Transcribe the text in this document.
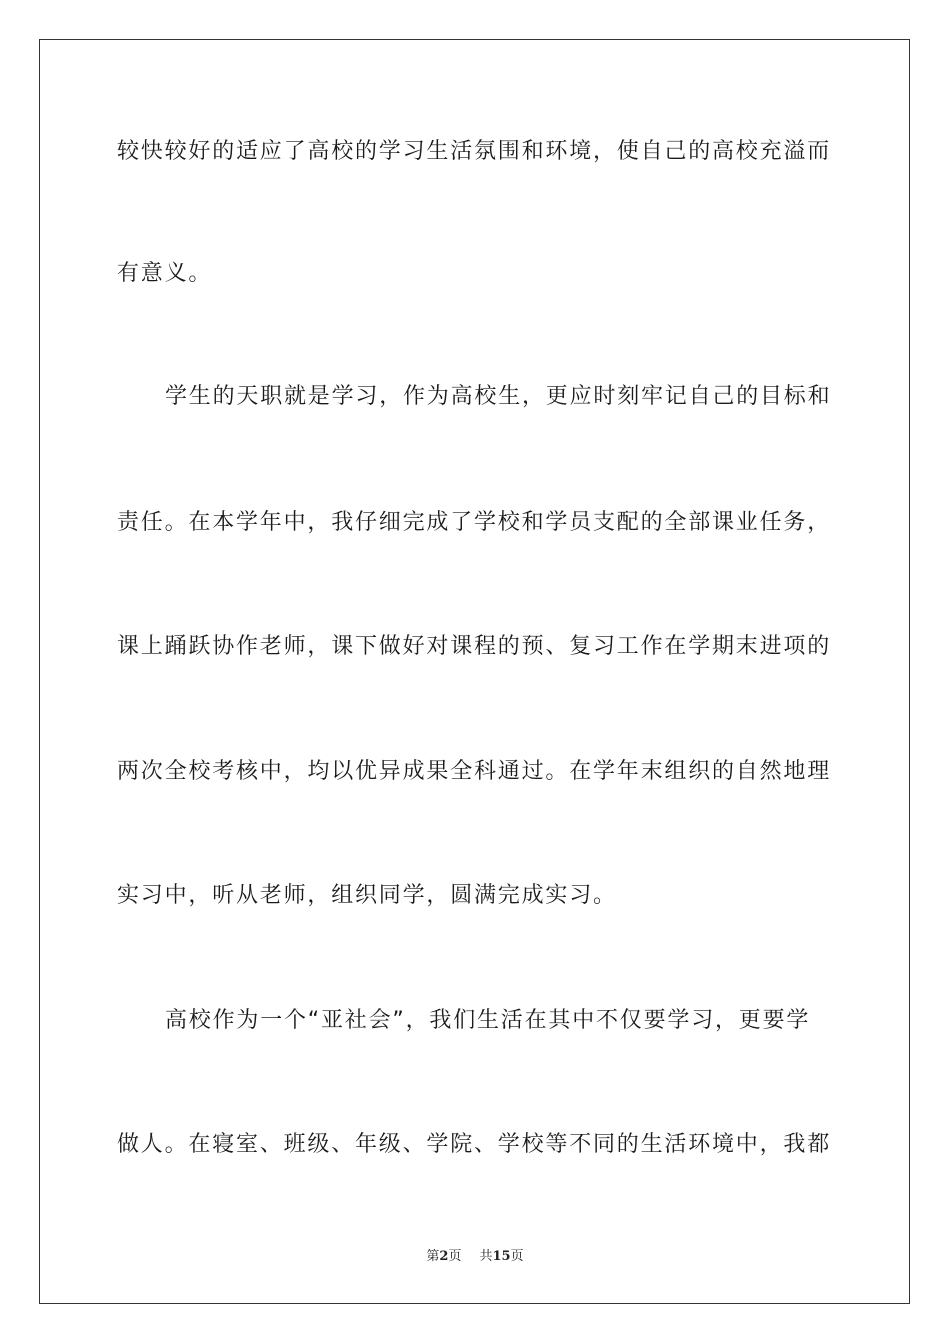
较快较好的适应了高校的学习生活氛围和环境，使自己的高校充溢而

有意义。

学生的天职就是学习，作为高校生，更应时刻牢记自己的目标和

责任。在本学年中，我仔细完成了学校和学员支配的全部课业任务，

课上踊跃协作老师，课下做好对课程的预、复习工作在学期末进项的

两次全校考核中，均以优异成果全科通过。在学年末组织的自然地理

实习中，听从老师，组织同学，圆满完成实习。

高校作为一个“亚社会”，我们生活在其中不仅要学习，更要学

做人。在寝室、班级、年级、学院、学校等不同的生活环境中，我都

第2页 共15页
